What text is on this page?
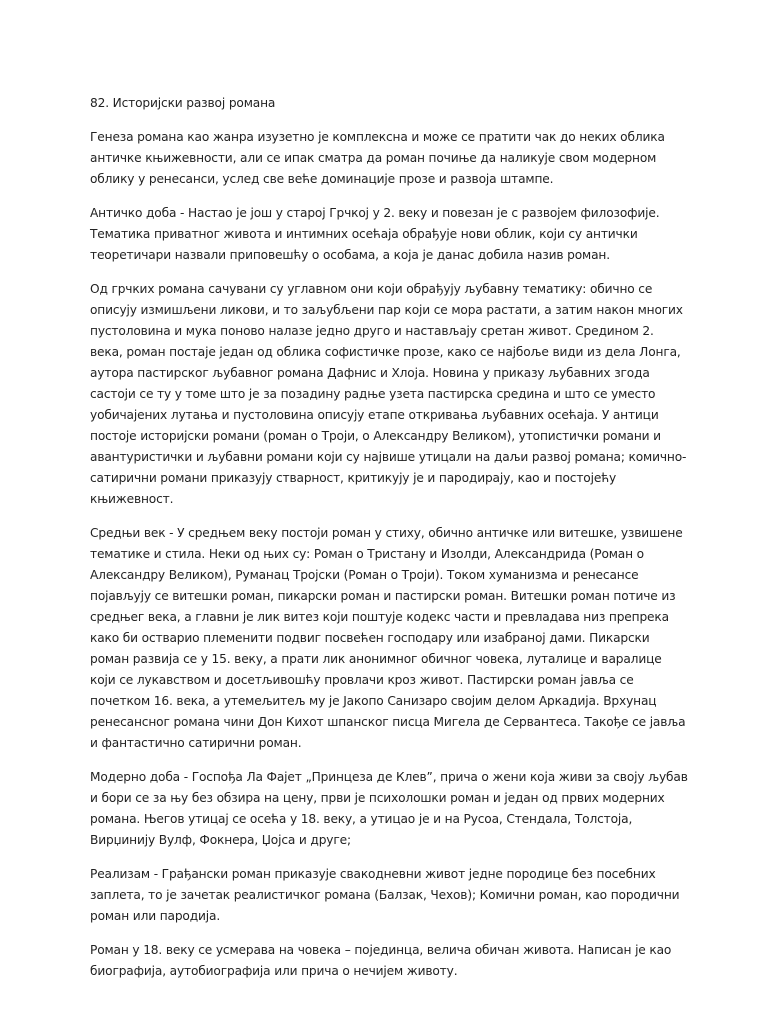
82. Историјски развој романа

Генеза романа као жанра изузетно је комплексна и може се пратити чак до неких облика античке књижевности, али се ипак сматра да роман почиње да наликује свом модерном облику у ренесанси, услед све веће доминације прозе и развоја штампе.

Античко доба - Настао је још у старој Грчкој у 2. веку и повезан је с развојем филозофије. Тематика приватног живота и интимних осећаја обрађује нови облик, који су антички теоретичари назвали приповешћу о особама, а која је данас добила назив роман.

Од грчких романа сачувани су углавном они који обрађују љубавну тематику: обично се описују измишљени ликови, и то заљубљени пар који се мора растати, а затим након многих пустоловина и мука поново налазе једно друго и настављају сретан живот. Средином 2. века, роман постаје један од облика софистичке прозе, како се најбоље види из дела Лонга, аутора пастирског љубавног романа Дафнис и Хлоја. Новина у приказу љубавних згода састоји се ту у томе што је за позадину радње узета пастирска средина и што се уместо уобичајених лутања и пустоловина описују етапе откривања љубавних осећаја. У антици постоје историјски романи (роман о Троји, о Александру Великом), утопистички романи и авантуристички и љубавни романи који су највише утицали на даљи развој романа; комично-сатирични романи приказују стварност, критикују је и пародирају, као и постојећу књижевност.

Средњи век - У средњем веку постоји роман у стиху, обично античке или витешке, узвишене тематике и стила. Неки од њих су: Роман о Тристану и Изолди, Александрида (Роман о Александру Великом), Руманац Тројски (Роман о Троји). Током хуманизма и ренесансе појављују се витешки роман, пикарски роман и пастирски роман. Витешки роман потиче из средњег века, а главни је лик витез који поштује кодекс части и превладава низ препрека како би остварио племенити подвиг посвећен господару или изабраној дами. Пикарски роман развија се у 15. веку, а прати лик анонимног обичног човека, луталице и варалице који се лукавством и досетљивошћу провлачи кроз живот. Пастирски роман јавља се почетком 16. века, а утемељитељ му је Јакопо Санизаро својим делом Аркадија. Врхунац ренесансног романа чини Дон Кихот шпанског писца Мигела де Сервантеса. Такође се јавља и фантастично сатирични роман.

Модерно доба - Госпођа Ла Фајет „Принцеза де Клев”, прича о жени која живи за своју љубав и бори се за њу без обзира на цену, први је психолошки роман и један од првих модерних романа. Његов утицај се осећа у 18. веку, а утицао је и на Русоа, Стендала, Толстоја, Вирџинију Вулф, Фокнера, Џојса и друге;

Реализам - Грађански роман приказује свакодневни живот једне породице без посебних заплета, то је зачетак реалистичког романа (Балзак, Чехов); Комични роман, као породични роман или пародија.

Роман у 18. веку се усмерава на човека – појединца, велича обичан живота. Написан је као биографија, аутобиографија или прича о нечијем животу.
